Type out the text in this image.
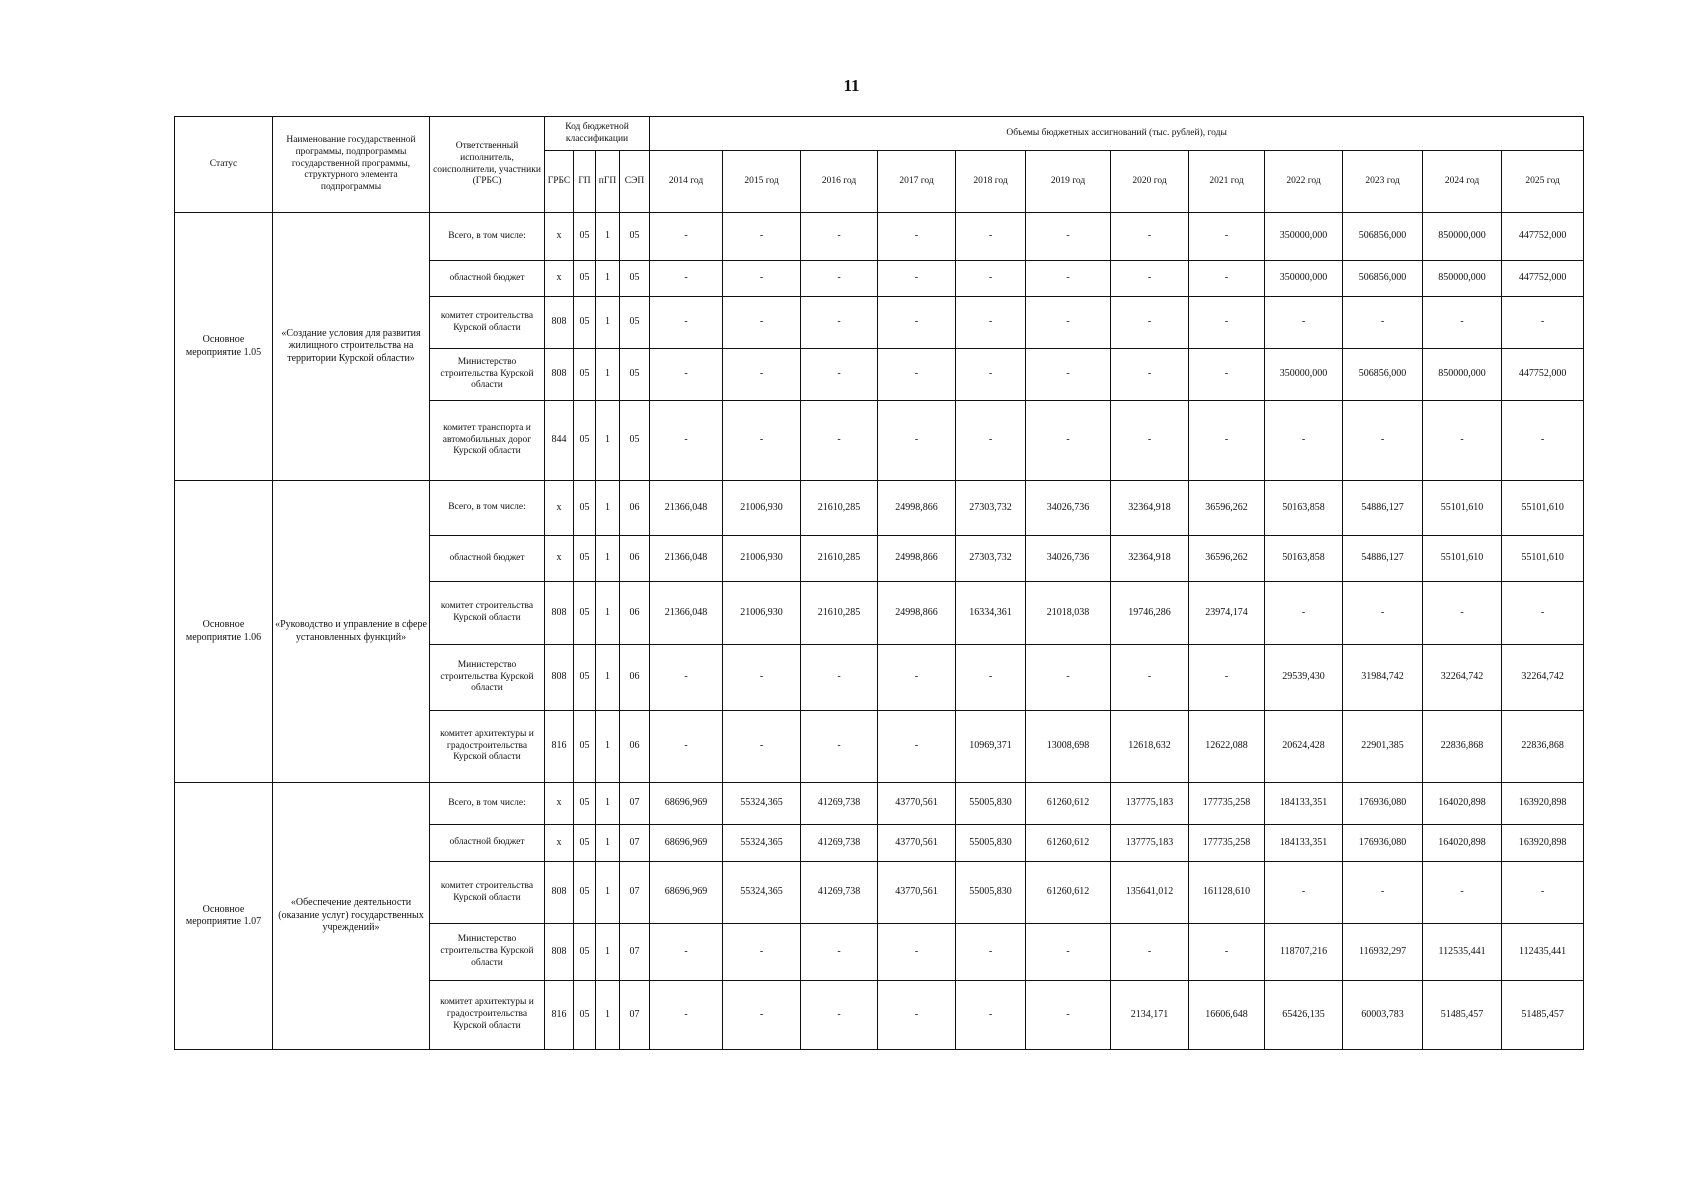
11
Статус	Наименование государственной программы, подпрограммы государственной программы, структурного элемента подпрограммы	Ответственный исполнитель, соисполнители, участники (ГРБС)	Код бюджетной классификации				Объемы бюджетных ассигнований (тыс. рублей), годы											
			ГРБС	ГП	пГП	СЭП	2014 год	2015 год	2016 год	2017 год	2018 год	2019 год	2020 год	2021 год	2022 год	2023 год	2024 год	2025 год
Основное мероприятие 1.05	«Создание условия для развития жилищного строительства на территории Курской области»	Всего, в том числе:	х	05	1	05	-	-	-	-	-	-	-	-	350000,000	506856,000	850000,000	447752,000
		областной бюджет	х	05	1	05	-	-	-	-	-	-	-	-	350000,000	506856,000	850000,000	447752,000
		комитет строительства Курской области	808	05	1	05	-	-	-	-	-	-	-	-	-	-	-	-
		Министерство строительства Курской области	808	05	1	05	-	-	-	-	-	-	-	-	350000,000	506856,000	850000,000	447752,000
		комитет транспорта и автомобильных дорог Курской области	844	05	1	05	-	-	-	-	-	-	-	-	-	-	-	-
Основное мероприятие 1.06	«Руководство и управление в сфере установленных функций»	Всего, в том числе:	х	05	1	06	21366,048	21006,930	21610,285	24998,866	27303,732	34026,736	32364,918	36596,262	50163,858	54886,127	55101,610	55101,610
		областной бюджет	х	05	1	06	21366,048	21006,930	21610,285	24998,866	27303,732	34026,736	32364,918	36596,262	50163,858	54886,127	55101,610	55101,610
		комитет строительства Курской области	808	05	1	06	21366,048	21006,930	21610,285	24998,866	16334,361	21018,038	19746,286	23974,174	-	-	-	-
		Министерство строительства Курской области	808	05	1	06	-	-	-	-	-	-	-	-	29539,430	31984,742	32264,742	32264,742
		комитет архитектуры и градостроительства Курской области	816	05	1	06	-	-	-	-	10969,371	13008,698	12618,632	12622,088	20624,428	22901,385	22836,868	22836,868
Основное мероприятие 1.07	«Обеспечение деятельности (оказание услуг) государственных учреждений»	Всего, в том числе:	х	05	1	07	68696,969	55324,365	41269,738	43770,561	55005,830	61260,612	137775,183	177735,258	184133,351	176936,080	164020,898	163920,898
		областной бюджет	х	05	1	07	68696,969	55324,365	41269,738	43770,561	55005,830	61260,612	137775,183	177735,258	184133,351	176936,080	164020,898	163920,898
		комитет строительства Курской области	808	05	1	07	68696,969	55324,365	41269,738	43770,561	55005,830	61260,612	135641,012	161128,610	-	-	-	-
		Министерство строительства Курской области	808	05	1	07	-	-	-	-	-	-	-	-	118707,216	116932,297	112535,441	112435,441
		комитет архитектуры и градостроительства Курской области	816	05	1	07	-	-	-	-	-	-	2134,171	16606,648	65426,135	60003,783	51485,457	51485,457
